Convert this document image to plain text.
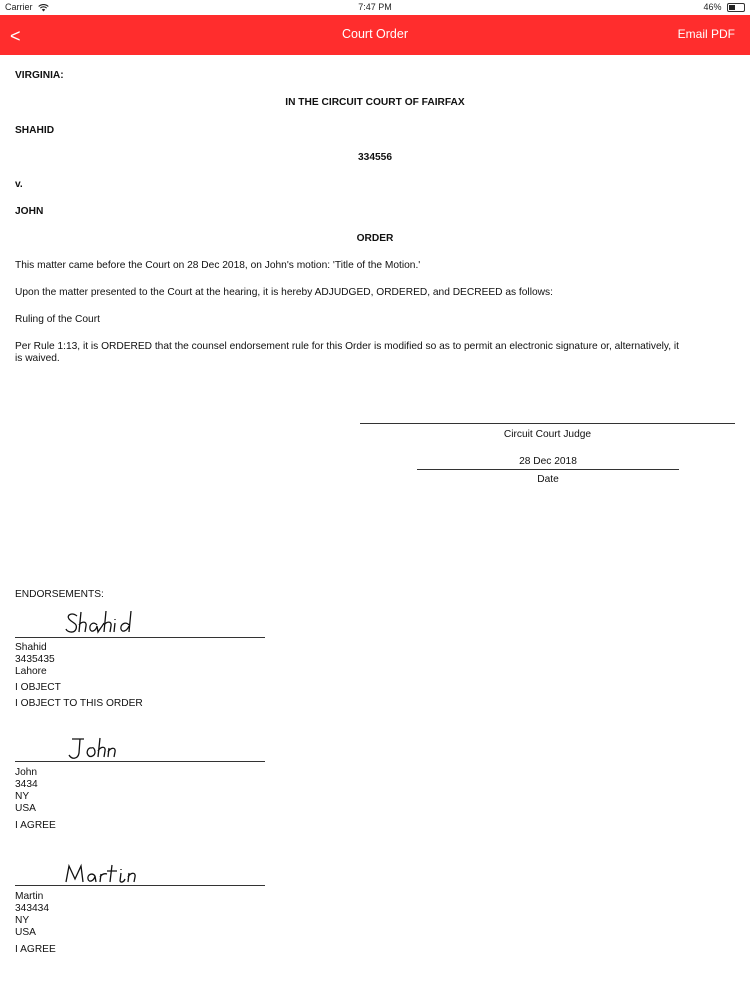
Carrier	7:47 PM	46%
<	Court Order	Email PDF
VIRGINIA:
IN THE CIRCUIT COURT OF FAIRFAX
SHAHID
334556
v.
JOHN
ORDER
This matter came before the Court on 28 Dec 2018, on John's motion: 'Title of the Motion.'
Upon the matter presented to the Court at the hearing, it is hereby ADJUDGED, ORDERED, and DECREED as follows:
Ruling of the Court
Per Rule 1:13, it is ORDERED that the counsel endorsement rule for this Order is modified so as to permit an electronic signature or, alternatively, it
is waived.
Circuit Court Judge
28 Dec 2018
Date
ENDORSEMENTS:
Shahid
3435435
Lahore
I OBJECT
I OBJECT TO THIS ORDER
John
3434
NY
USA
I AGREE
Martin
343434
NY
USA
I AGREE
